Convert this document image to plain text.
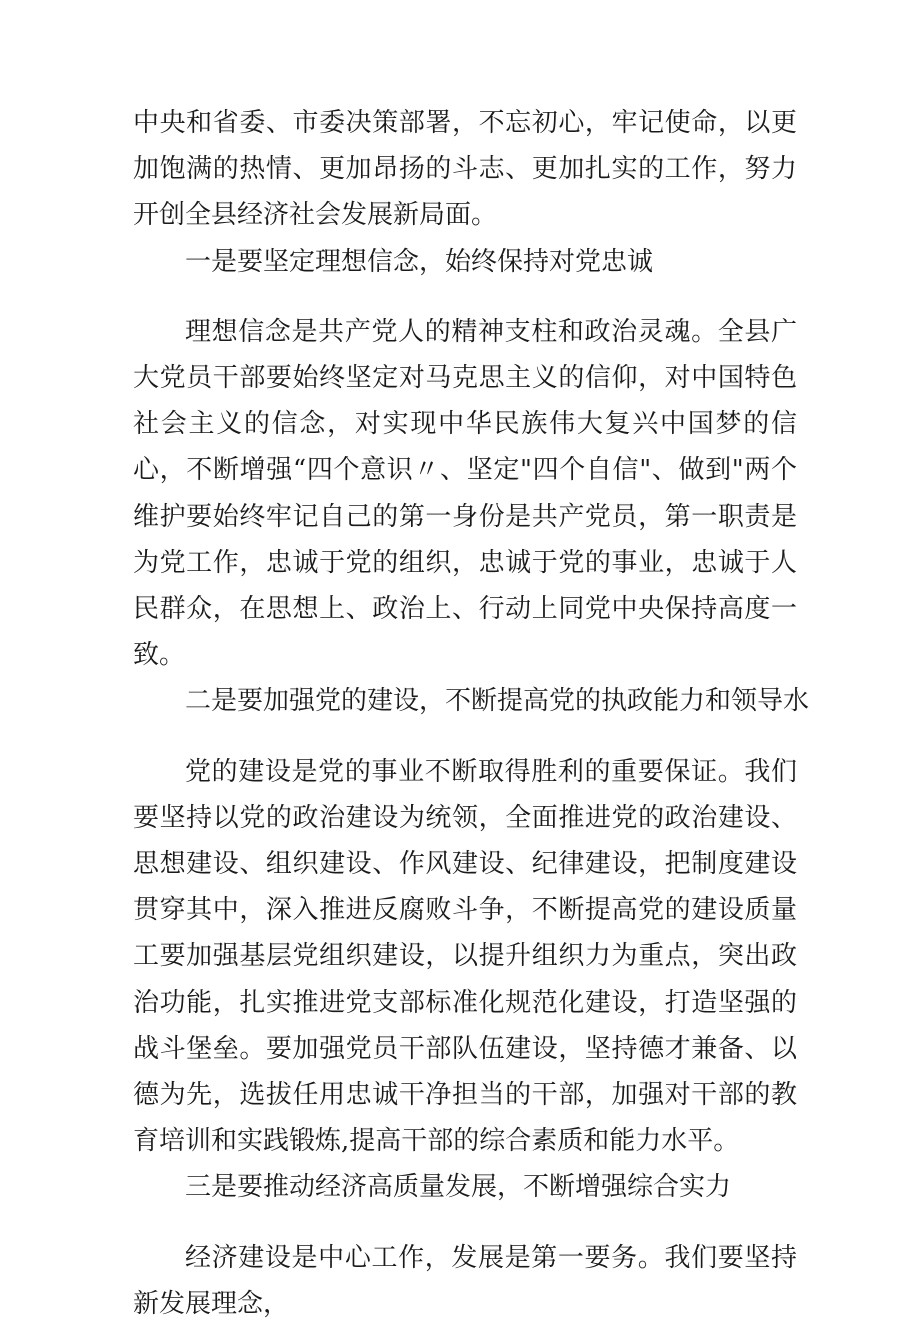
中央和省委、市委决策部署，不忘初心，牢记使命，以更加饱满的热情、更加昂扬的斗志、更加扎实的工作，努力开创全县经济社会发展新局面。

一是要坚定理想信念，始终保持对党忠诚

理想信念是共产党人的精神支柱和政治灵魂。全县广大党员干部要始终坚定对马克思主义的信仰，对中国特色社会主义的信念，对实现中华民族伟大复兴中国梦的信心，不断增强“四个意识〃、坚定"四个自信"、做到"两个维护要始终牢记自己的第一身份是共产党员，第一职责是为党工作，忠诚于党的组织，忠诚于党的事业，忠诚于人民群众，在思想上、政治上、行动上同党中央保持高度一致。

二是要加强党的建设，不断提高党的执政能力和领导水

党的建设是党的事业不断取得胜利的重要保证。我们要坚持以党的政治建设为统领，全面推进党的政治建设、思想建设、组织建设、作风建设、纪律建设，把制度建设贯穿其中，深入推进反腐败斗争，不断提高党的建设质量工要加强基层党组织建设，以提升组织力为重点，突出政治功能，扎实推进党支部标准化规范化建设，打造坚强的战斗堡垒。要加强党员干部队伍建设，坚持德才兼备、以德为先，选拔任用忠诚干净担当的干部，加强对干部的教育培训和实践锻炼,提高干部的综合素质和能力水平。

三是要推动经济高质量发展，不断增强综合实力

经济建设是中心工作，发展是第一要务。我们要坚持新发展理念，
